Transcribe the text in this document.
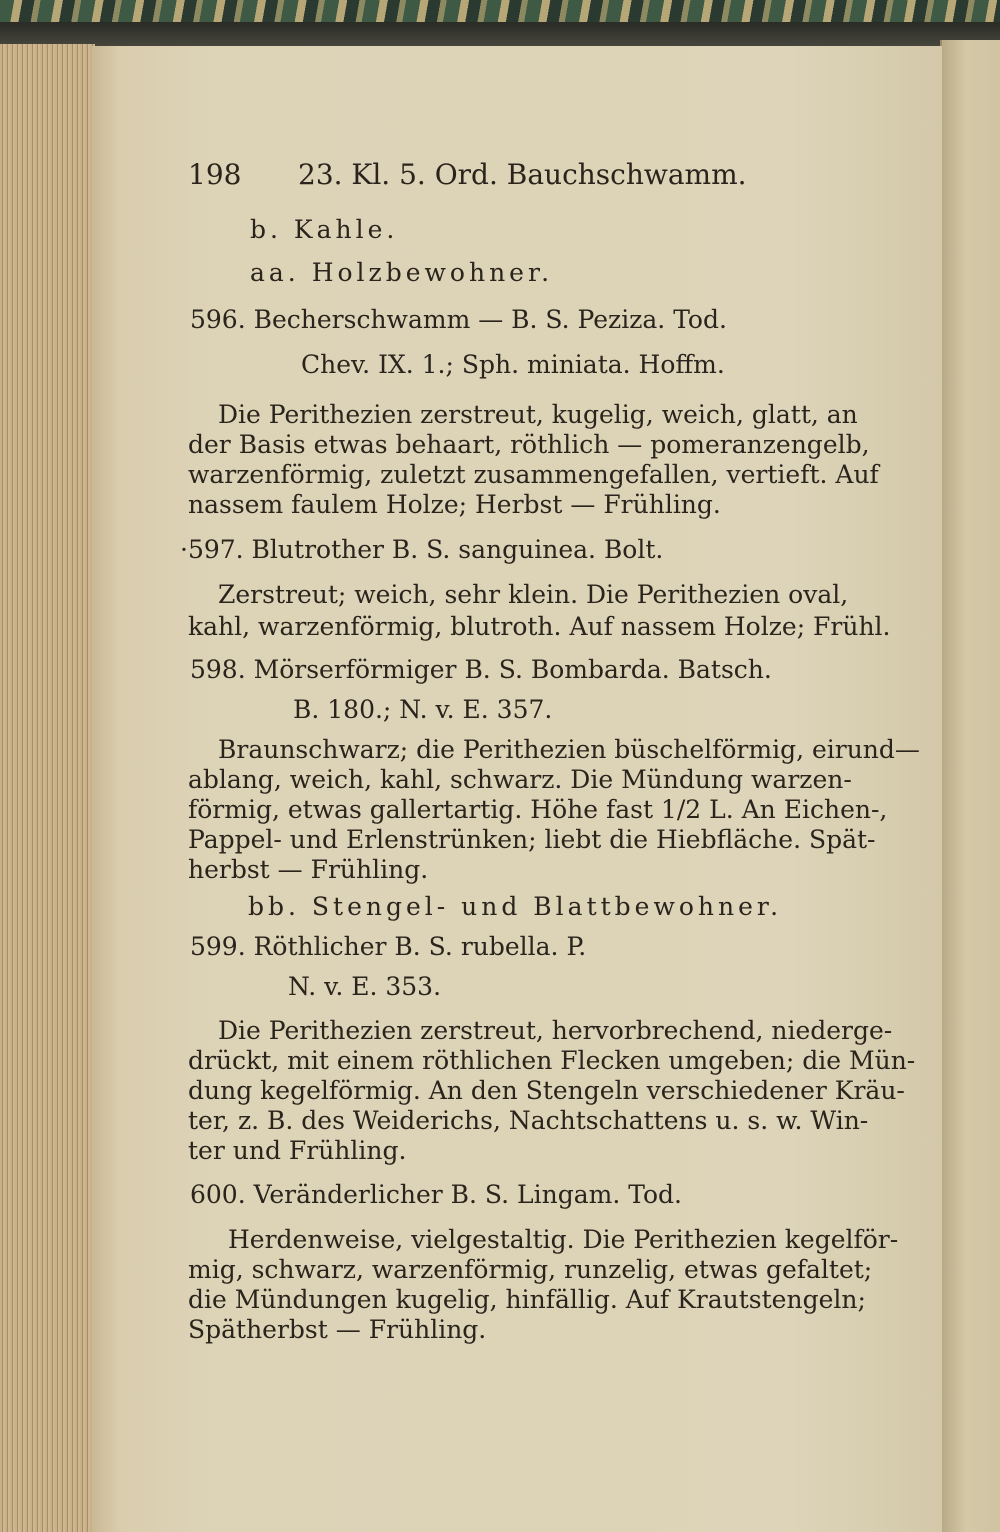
198 23. Kl. 5. Ord. Bauchschwamm.
b. Kahle.
aa. Holzbewohner.
596. Becherschwamm — B. S. Peziza. Tod.
Chev. IX. 1.; Sph. miniata. Hoffm.
Die Perithezien zerstreut, kugelig, weich, glatt, an
der Basis etwas behaart, röthlich — pomeranzengelb,
warzenförmig, zuletzt zusammengefallen, vertieft. Auf
nassem faulem Holze; Herbst — Frühling.
·597. Blutrother B. S. sanguinea. Bolt.
Zerstreut; weich, sehr klein. Die Perithezien oval,
kahl, warzenförmig, blutroth. Auf nassem Holze; Frühl.
598. Mörserförmiger B. S. Bombarda. Batsch.
B. 180.; N. v. E. 357.
Braunschwarz; die Perithezien büschelförmig, eirund—
ablang, weich, kahl, schwarz. Die Mündung warzen-
förmig, etwas gallertartig. Höhe fast 1/2 L. An Eichen-,
Pappel- und Erlenstrünken; liebt die Hiebfläche. Spät-
herbst — Frühling.
bb. Stengel- und Blattbewohner.
599. Röthlicher B. S. rubella. P.
N. v. E. 353.
Die Perithezien zerstreut, hervorbrechend, niederge-
drückt, mit einem röthlichen Flecken umgeben; die Mün-
dung kegelförmig. An den Stengeln verschiedener Kräu-
ter, z. B. des Weiderichs, Nachtschattens u. s. w. Win-
ter und Frühling.
600. Veränderlicher B. S. Lingam. Tod.
Herdenweise, vielgestaltig. Die Perithezien kegelför-
mig, schwarz, warzenförmig, runzelig, etwas gefaltet;
die Mündungen kugelig, hinfällig. Auf Krautstengeln;
Spätherbst — Frühling.
